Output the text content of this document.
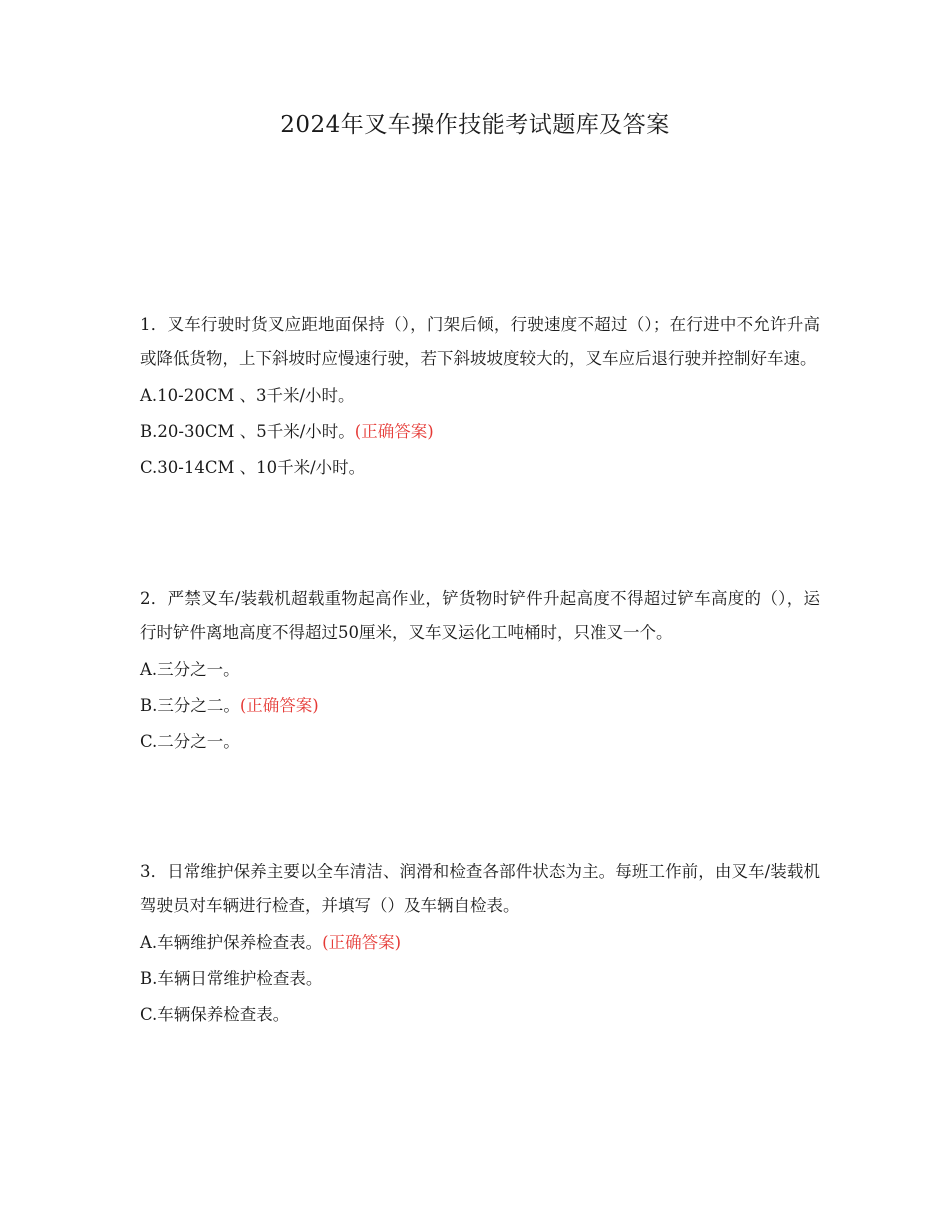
2024年叉车操作技能考试题库及答案

1．叉车行驶时货叉应距地面保持（），门架后倾，行驶速度不超过（）；在行进中不允许升高或降低货物，上下斜坡时应慢速行驶，若下斜坡坡度较大的，叉车应后退行驶并控制好车速。

A.10-20CM 、3千米/小时。

B.20-30CM 、5千米/小时。(正确答案)

C.30-14CM 、10千米/小时。

2．严禁叉车/装载机超载重物起高作业，铲货物时铲件升起高度不得超过铲车高度的（），运行时铲件离地高度不得超过50厘米，叉车叉运化工吨桶时，只准叉一个。

A.三分之一。

B.三分之二。(正确答案)

C.二分之一。

3．日常维护保养主要以全车清洁、润滑和检查各部件状态为主。每班工作前，由叉车/装载机驾驶员对车辆进行检查，并填写（）及车辆自检表。

A.车辆维护保养检查表。(正确答案)

B.车辆日常维护检查表。

C.车辆保养检查表。
